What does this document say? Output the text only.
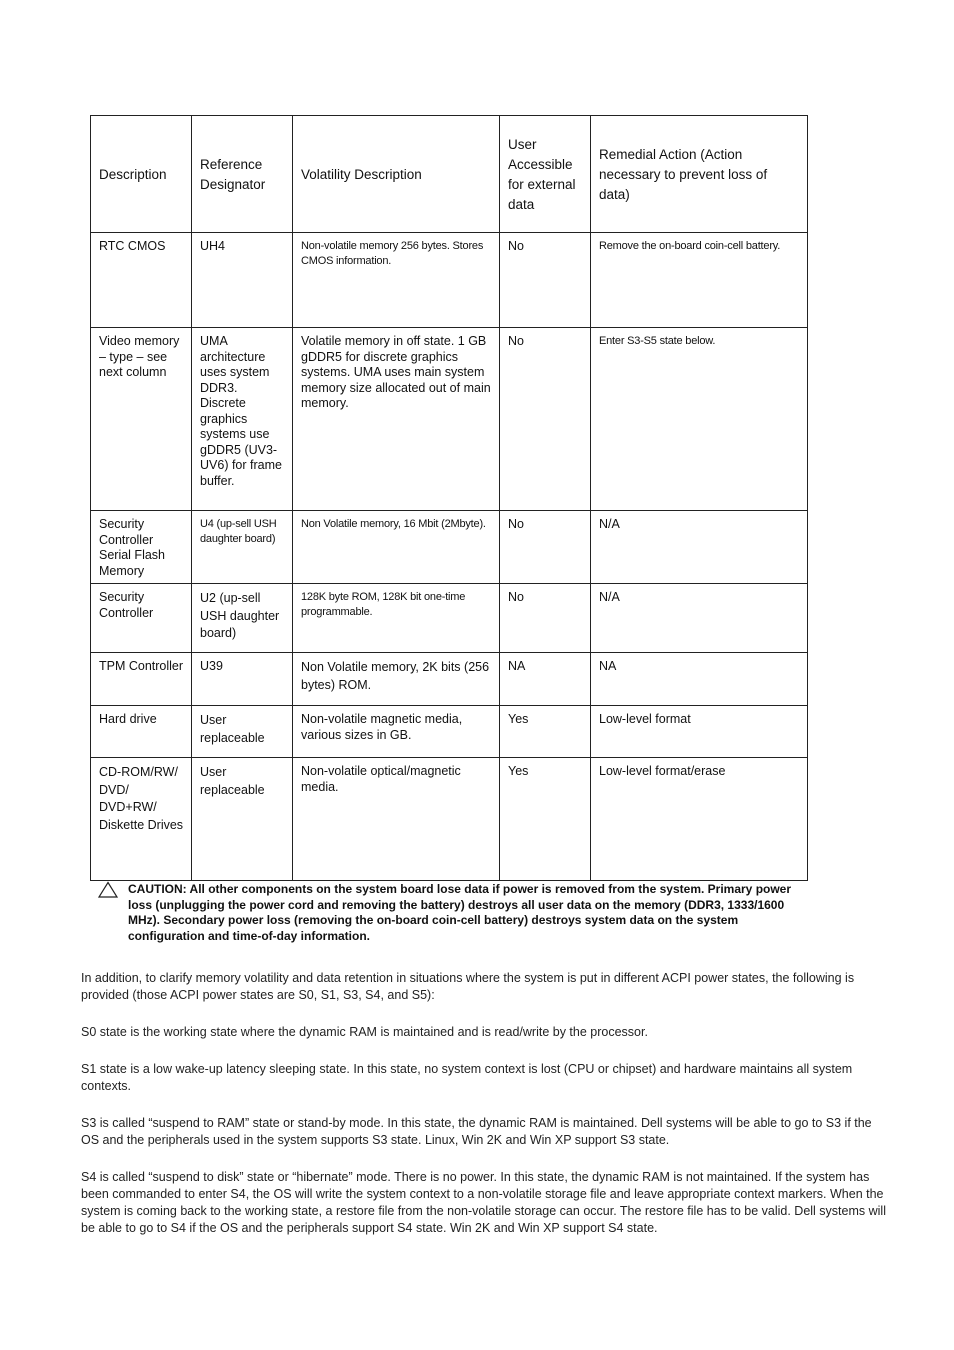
Description	Reference Designator	Volatility Description	User Accessible for external data	Remedial Action (Action necessary to prevent loss of data)
RTC CMOS	UH4	Non-volatile memory 256 bytes. Stores CMOS information.	No	Remove the on-board coin-cell battery.
Video memory – type – see next column	UMA architecture uses system DDR3. Discrete graphics systems use gDDR5 (UV3-UV6) for frame buffer.	Volatile memory in off state. 1 GB gDDR5 for discrete graphics systems. UMA uses main system memory size allocated out of main memory.	No	Enter S3-S5 state below.
Security Controller Serial Flash Memory	U4 (up-sell USH daughter board)	Non Volatile memory, 16 Mbit (2Mbyte).	No	N/A
Security Controller	U2 (up-sell USH daughter board)	128K byte ROM, 128K bit one-time programmable.	No	N/A
TPM Controller	U39	Non Volatile memory, 2K bits (256 bytes) ROM.	NA	NA
Hard drive	User replaceable	Non-volatile magnetic media, various sizes in GB.	Yes	Low-level format
CD-ROM/RW/ DVD/ DVD+RW/ Diskette Drives	User replaceable	Non-volatile optical/magnetic media.	Yes	Low-level format/erase
CAUTION: All other components on the system board lose data if power is removed from the system. Primary power loss (unplugging the power cord and removing the battery) destroys all user data on the memory (DDR3, 1333/1600 MHz). Secondary power loss (removing the on-board coin-cell battery) destroys system data on the system configuration and time-of-day information.

In addition, to clarify memory volatility and data retention in situations where the system is put in different ACPI power states, the following is provided (those ACPI power states are S0, S1, S3, S4, and S5):

S0 state is the working state where the dynamic RAM is maintained and is read/write by the processor.

S1 state is a low wake-up latency sleeping state. In this state, no system context is lost (CPU or chipset) and hardware maintains all system contexts.

S3 is called “suspend to RAM” state or stand-by mode. In this state, the dynamic RAM is maintained. Dell systems will be able to go to S3 if the OS and the peripherals used in the system supports S3 state. Linux, Win 2K and Win XP support S3 state.

S4 is called “suspend to disk” state or “hibernate” mode. There is no power. In this state, the dynamic RAM is not maintained. If the system has been commanded to enter S4, the OS will write the system context to a non-volatile storage file and leave appropriate context markers. When the system is coming back to the working state, a restore file from the non-volatile storage can occur. The restore file has to be valid. Dell systems will be able to go to S4 if the OS and the peripherals support S4 state. Win 2K and Win XP support S4 state.
